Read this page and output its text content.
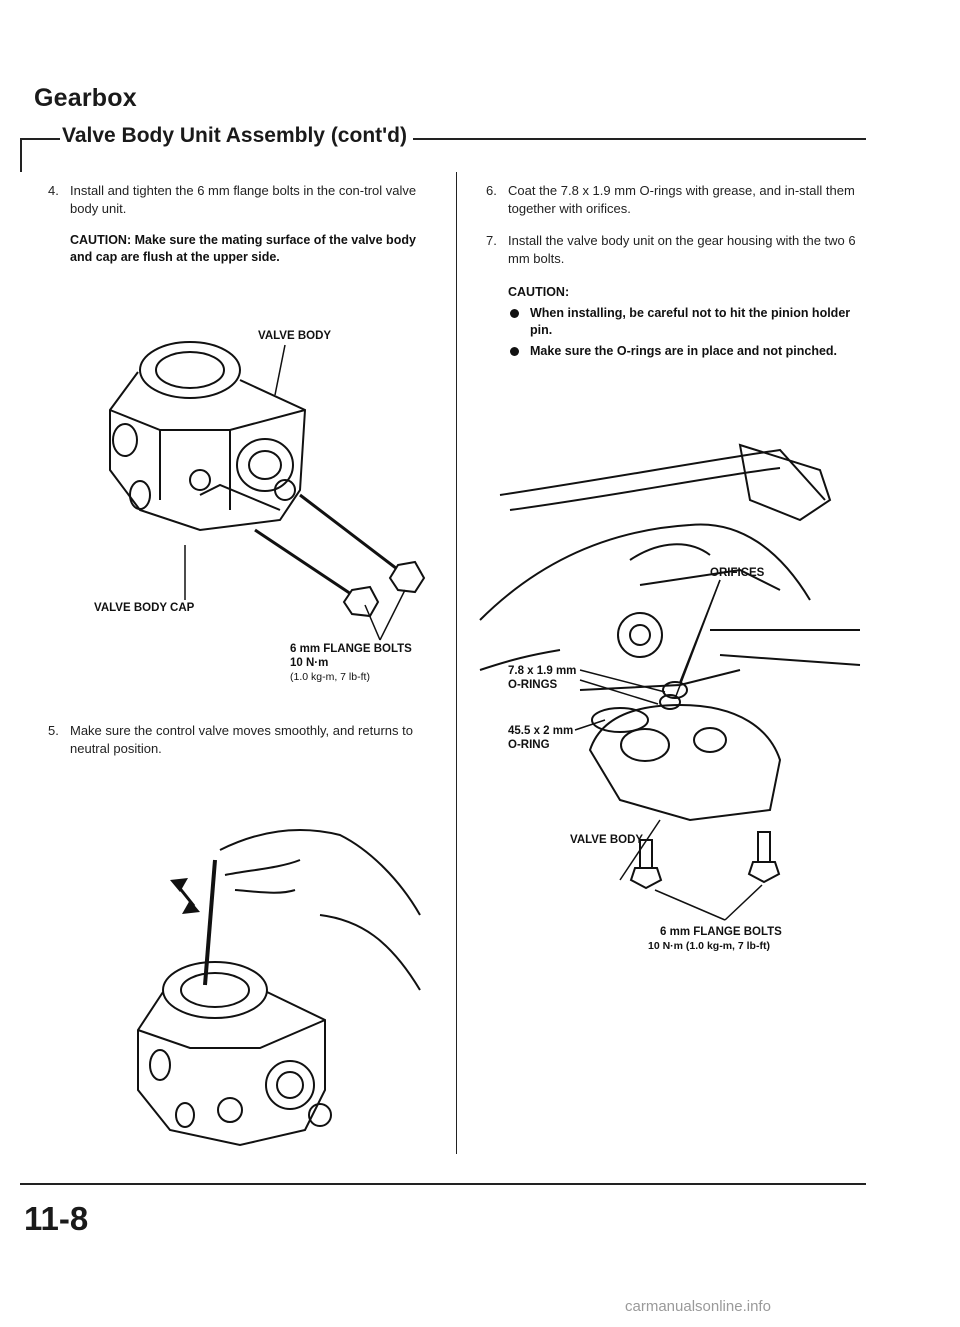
Gearbox
Valve Body Unit Assembly (cont'd)
4. Install and tighten the 6 mm flange bolts in the con-trol valve body unit.
CAUTION: Make sure the mating surface of the valve body and cap are flush at the upper side.
VALVE BODY
VALVE BODY CAP
6 mm FLANGE BOLTS
10 N·m
(1.0 kg-m, 7 lb-ft)
5. Make sure the control valve moves smoothly, and returns to neutral position.
6. Coat the 7.8 x 1.9 mm O-rings with grease, and in-stall them together with orifices.
7. Install the valve body unit on the gear housing with the two 6 mm bolts.
CAUTION:
When installing, be careful not to hit the pinion holder pin.
Make sure the O-rings are in place and not pinched.
ORIFICES
7.8 x 1.9 mm
O-RINGS
45.5 x 2 mm
O-RING
VALVE BODY
6 mm FLANGE BOLTS
10 N·m (1.0 kg-m, 7 lb-ft)
11-8
carmanualsonline.info
